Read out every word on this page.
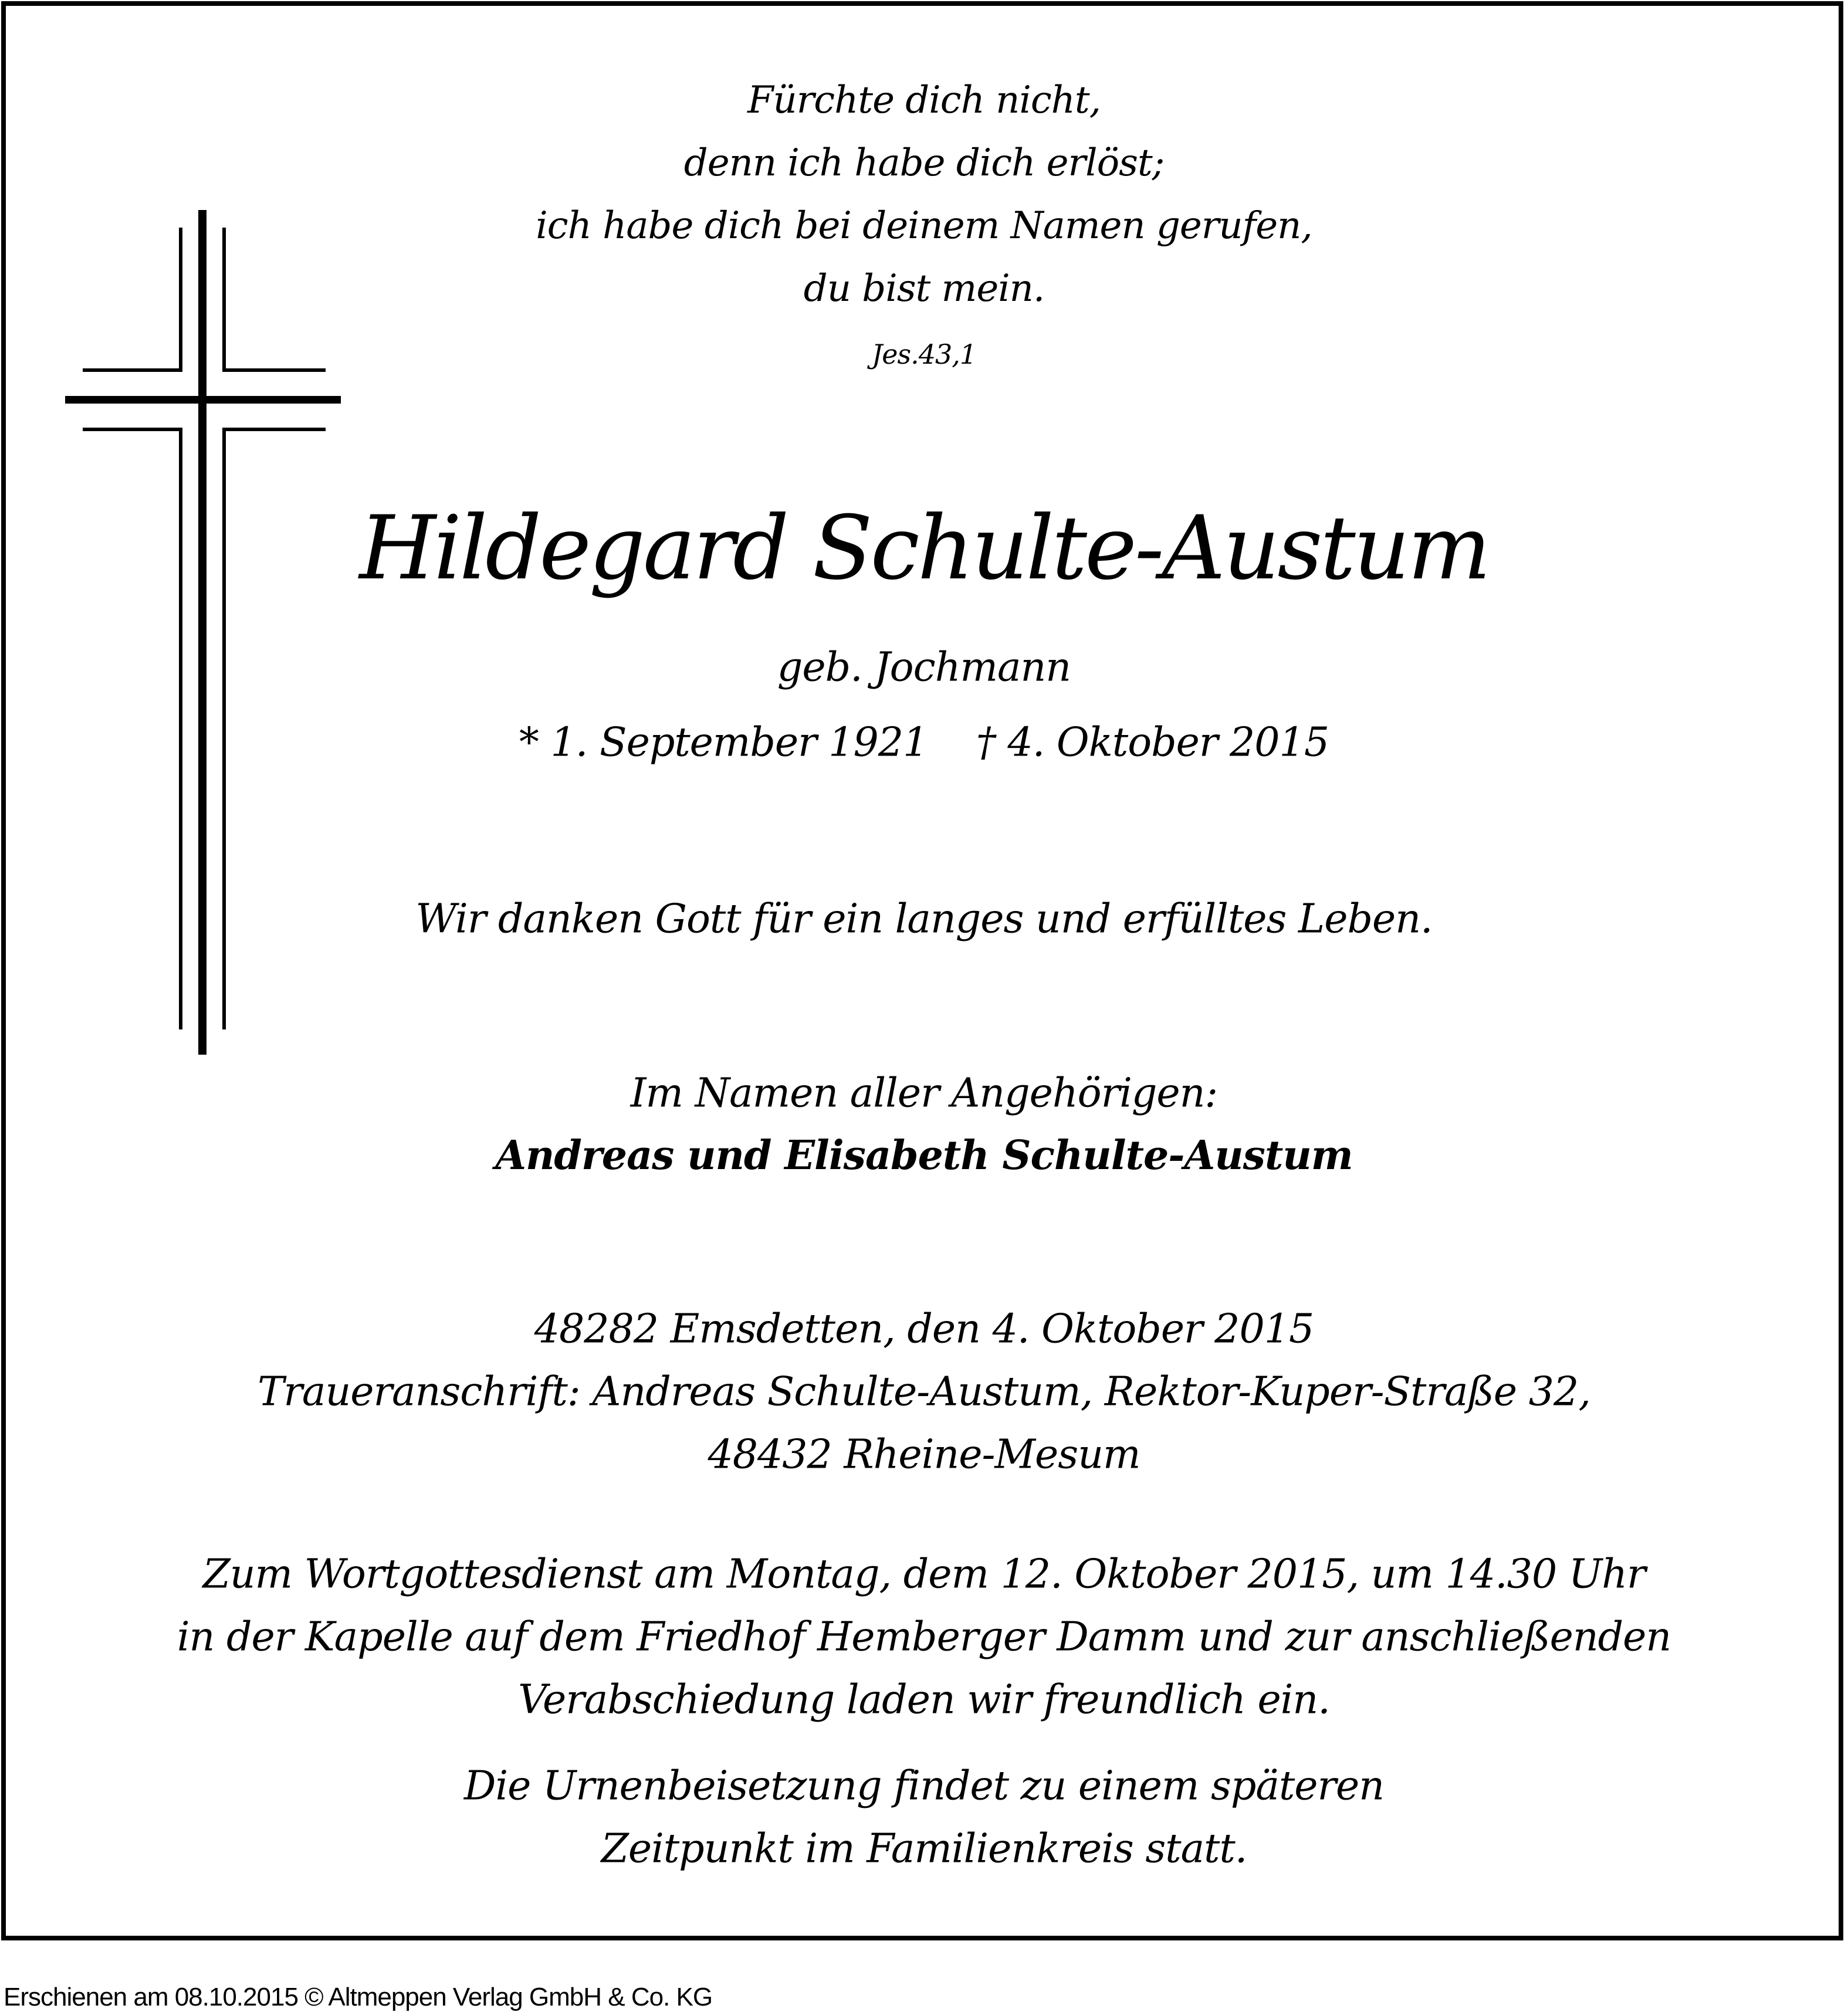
Fürchte dich nicht,
denn ich habe dich erlöst;
ich habe dich bei deinem Namen gerufen,
du bist mein.
Jes.43,1
Hildegard Schulte-Austum
geb. Jochmann
* 1. September 1921    † 4. Oktober 2015
Wir danken Gott für ein langes und erfülltes Leben.
Im Namen aller Angehörigen:
Andreas und Elisabeth Schulte-Austum
48282 Emsdetten, den 4. Oktober 2015
Traueranschrift: Andreas Schulte-Austum, Rektor-Kuper-Straße 32,
48432 Rheine-Mesum
Zum Wortgottesdienst am Montag, dem 12. Oktober 2015, um 14.30 Uhr
in der Kapelle auf dem Friedhof Hemberger Damm und zur anschließenden
Verabschiedung laden wir freundlich ein.
Die Urnenbeisetzung findet zu einem späteren
Zeitpunkt im Familienkreis statt.
Erschienen am 08.10.2015 © Altmeppen Verlag GmbH & Co. KG
